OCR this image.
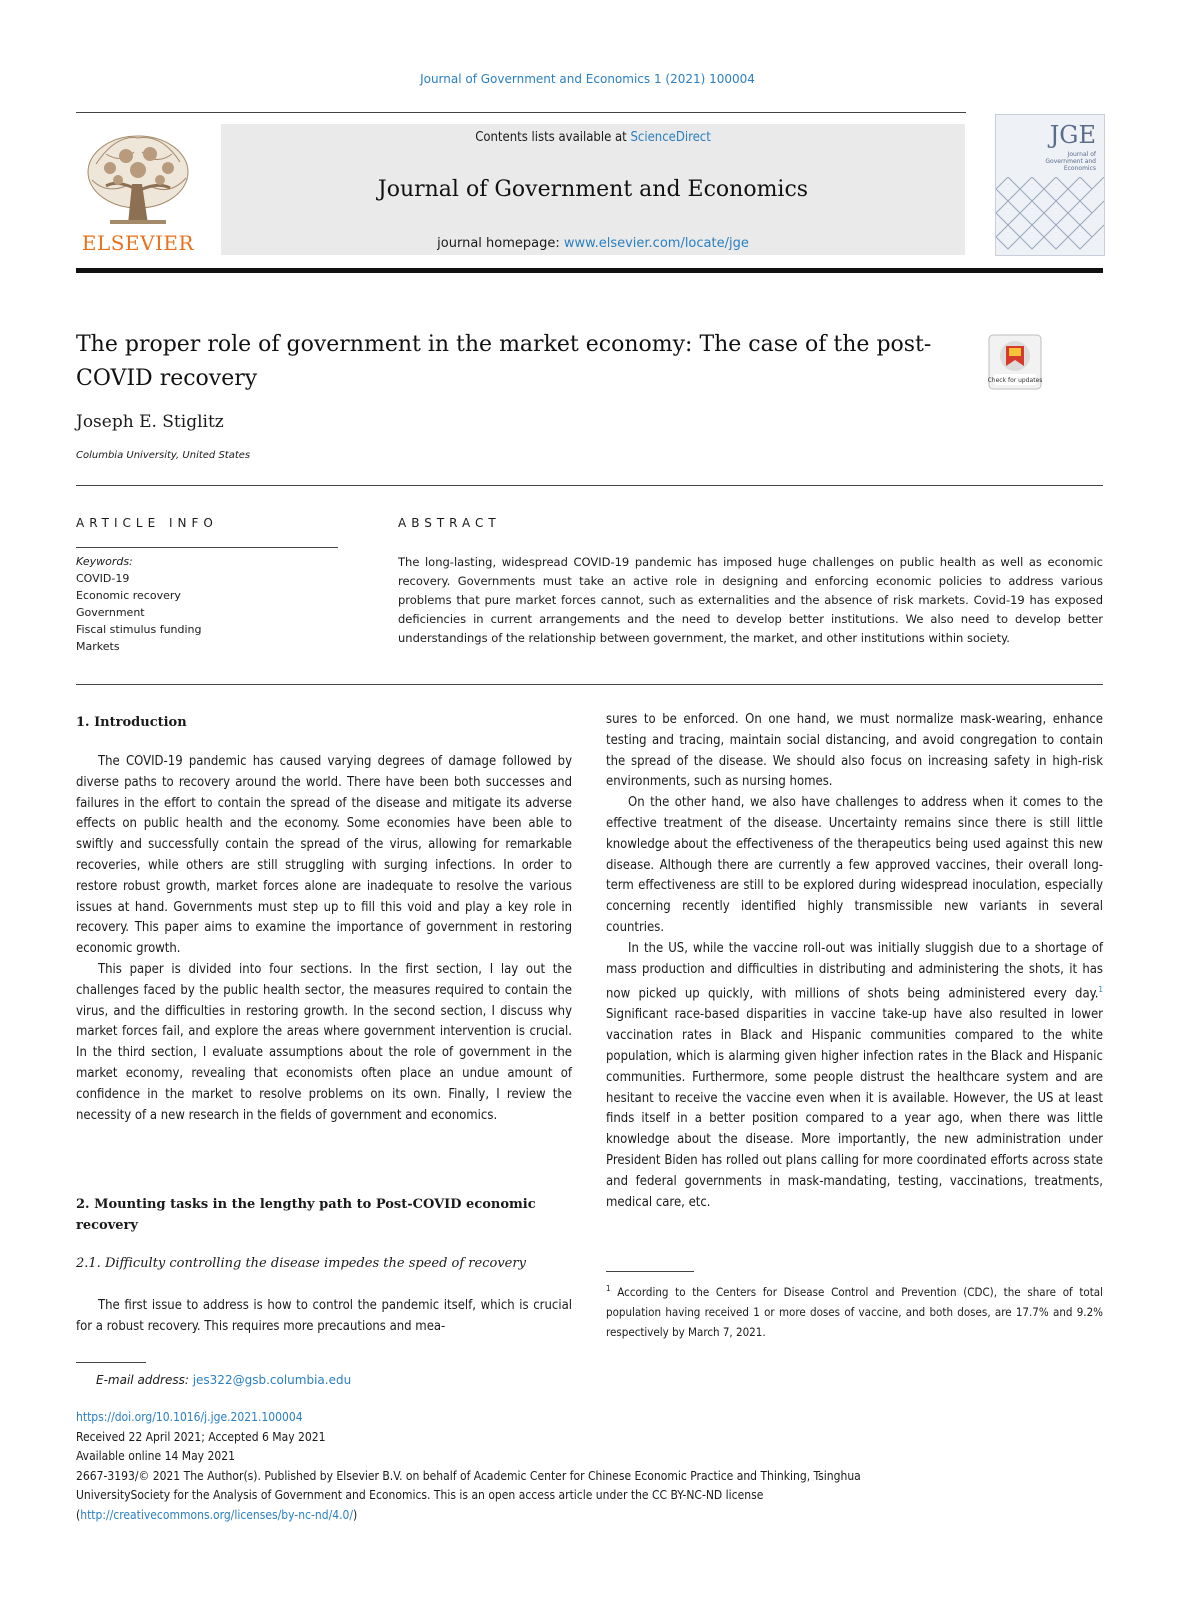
Journal of Government and Economics 1 (2021) 100004
ELSEVIER
Contents lists available at ScienceDirect
Journal of Government and Economics
journal homepage: www.elsevier.com/locate/jge
JGE
Journal of Government and Economics
The proper role of government in the market economy: The case of the post-COVID recovery	Check for updates
Joseph E. Stiglitz
Columbia University, United States
ARTICLE INFO
Keywords:
COVID-19
Economic recovery
Government
Fiscal stimulus funding
Markets
ABSTRACT
The long-lasting, widespread COVID-19 pandemic has imposed huge challenges on public health as well as economic recovery. Governments must take an active role in designing and enforcing economic policies to address various problems that pure market forces cannot, such as externalities and the absence of risk markets. Covid-19 has exposed deficiencies in current arrangements and the need to develop better institutions. We also need to develop better understandings of the relationship between government, the market, and other institutions within society.
1. Introduction

The COVID-19 pandemic has caused varying degrees of damage followed by diverse paths to recovery around the world. There have been both successes and failures in the effort to contain the spread of the disease and mitigate its adverse effects on public health and the economy. Some economies have been able to swiftly and successfully contain the spread of the virus, allowing for remarkable recoveries, while others are still struggling with surging infections. In order to restore robust growth, market forces alone are inadequate to resolve the various issues at hand. Governments must step up to fill this void and play a key role in recovery. This paper aims to examine the importance of government in restoring economic growth.

This paper is divided into four sections. In the first section, I lay out the challenges faced by the public health sector, the measures required to contain the virus, and the difficulties in restoring growth. In the second section, I discuss why market forces fail, and explore the areas where government intervention is crucial. In the third section, I evaluate assumptions about the role of government in the market economy, revealing that economists often place an undue amount of confidence in the market to resolve problems on its own. Finally, I review the necessity of a new research in the fields of government and economics.

2. Mounting tasks in the lengthy path to Post-COVID economic recovery
2.1. Difficulty controlling the disease impedes the speed of recovery

The first issue to address is how to control the pandemic itself, which is crucial for a robust recovery. This requires more precautions and mea-

sures to be enforced. On one hand, we must normalize mask-wearing, enhance testing and tracing, maintain social distancing, and avoid congregation to contain the spread of the disease. We should also focus on increasing safety in high-risk environments, such as nursing homes.

On the other hand, we also have challenges to address when it comes to the effective treatment of the disease. Uncertainty remains since there is still little knowledge about the effectiveness of the therapeutics being used against this new disease. Although there are currently a few approved vaccines, their overall long-term effectiveness are still to be explored during widespread inoculation, especially concerning recently identified highly transmissible new variants in several countries.

In the US, while the vaccine roll-out was initially sluggish due to a shortage of mass production and difficulties in distributing and administering the shots, it has now picked up quickly, with millions of shots being administered every day.$^1$ Significant race-based disparities in vaccine take-up have also resulted in lower vaccination rates in Black and Hispanic communities compared to the white population, which is alarming given higher infection rates in the Black and Hispanic communities. Furthermore, some people distrust the healthcare system and are hesitant to receive the vaccine even when it is available. However, the US at least finds itself in a better position compared to a year ago, when there was little knowledge about the disease. More importantly, the new administration under President Biden has rolled out plans calling for more coordinated efforts across state and federal governments in mask-mandating, testing, vaccinations, treatments, medical care, etc.

$^1$ According to the Centers for Disease Control and Prevention (CDC), the share of total population having received 1 or more doses of vaccine, and both doses, are 17.7% and 9.2% respectively by March 7, 2021.
E-mail address: jes322@gsb.columbia.edu
https://doi.org/10.1016/j.jge.2021.100004
Received 22 April 2021; Accepted 6 May 2021
Available online 14 May 2021
2667-3193/© 2021 The Author(s). Published by Elsevier B.V. on behalf of Academic Center for Chinese Economic Practice and Thinking, Tsinghua
UniversitySociety for the Analysis of Government and Economics. This is an open access article under the CC BY-NC-ND license
(http://creativecommons.org/licenses/by-nc-nd/4.0/)
